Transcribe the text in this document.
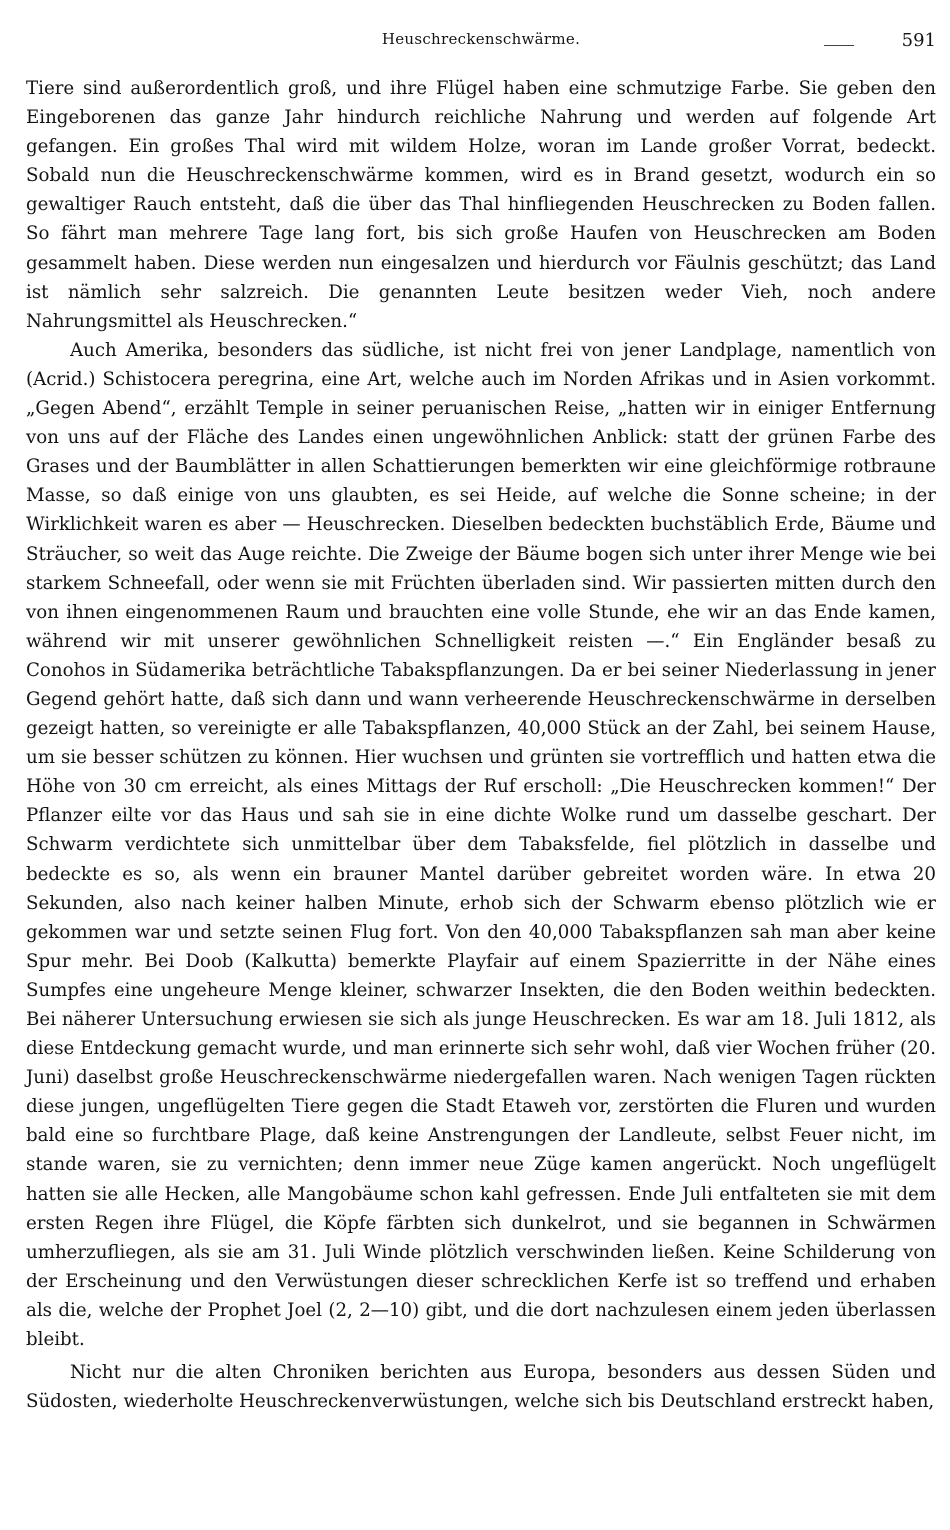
Heuschreckenschwärme.	591

Tiere sind außerordentlich groß, und ihre Flügel haben eine schmutzige Farbe. Sie geben den Eingeborenen das ganze Jahr hindurch reichliche Nahrung und werden auf folgende Art gefangen. Ein großes Thal wird mit wildem Holze, woran im Lande großer Vorrat, bedeckt. Sobald nun die Heuschreckenschwärme kommen, wird es in Brand gesetzt, wodurch ein so gewaltiger Rauch entsteht, daß die über das Thal hinfliegenden Heuschrecken zu Boden fallen. So fährt man mehrere Tage lang fort, bis sich große Haufen von Heuschrecken am Boden gesammelt haben. Diese werden nun eingesalzen und hierdurch vor Fäulnis geschützt; das Land ist nämlich sehr salzreich. Die genannten Leute besitzen weder Vieh, noch andere Nahrungsmittel als Heuschrecken.“

Auch Amerika, besonders das südliche, ist nicht frei von jener Landplage, namentlich von (Acrid.) Schistocera peregrina, eine Art, welche auch im Norden Afrikas und in Asien vorkommt. „Gegen Abend“, erzählt Temple in seiner peruanischen Reise, „hatten wir in einiger Entfernung von uns auf der Fläche des Landes einen ungewöhnlichen Anblick: statt der grünen Farbe des Grases und der Baumblätter in allen Schattierungen bemerkten wir eine gleichförmige rotbraune Masse, so daß einige von uns glaubten, es sei Heide, auf welche die Sonne scheine; in der Wirklichkeit waren es aber — Heuschrecken. Dieselben bedeckten buchstäblich Erde, Bäume und Sträucher, so weit das Auge reichte. Die Zweige der Bäume bogen sich unter ihrer Menge wie bei starkem Schneefall, oder wenn sie mit Früchten überladen sind. Wir passierten mitten durch den von ihnen eingenommenen Raum und brauchten eine volle Stunde, ehe wir an das Ende kamen, während wir mit unserer gewöhnlichen Schnelligkeit reisten —.“ Ein Engländer besaß zu Conohos in Südamerika beträchtliche Tabakspflanzungen. Da er bei seiner Niederlassung in jener Gegend gehört hatte, daß sich dann und wann verheerende Heuschreckenschwärme in derselben gezeigt hatten, so vereinigte er alle Tabakspflanzen, 40,000 Stück an der Zahl, bei seinem Hause, um sie besser schützen zu können. Hier wuchsen und grünten sie vortrefflich und hatten etwa die Höhe von 30 cm erreicht, als eines Mittags der Ruf erscholl: „Die Heuschrecken kommen!“ Der Pflanzer eilte vor das Haus und sah sie in eine dichte Wolke rund um dasselbe geschart. Der Schwarm verdichtete sich unmittelbar über dem Tabaksfelde, fiel plötzlich in dasselbe und bedeckte es so, als wenn ein brauner Mantel darüber gebreitet worden wäre. In etwa 20 Sekunden, also nach keiner halben Minute, erhob sich der Schwarm ebenso plötzlich wie er gekommen war und setzte seinen Flug fort. Von den 40,000 Tabakspflanzen sah man aber keine Spur mehr. Bei Doob (Kalkutta) bemerkte Playfair auf einem Spazierritte in der Nähe eines Sumpfes eine ungeheure Menge kleiner, schwarzer Insekten, die den Boden weithin bedeckten. Bei näherer Untersuchung erwiesen sie sich als junge Heuschrecken. Es war am 18. Juli 1812, als diese Entdeckung gemacht wurde, und man erinnerte sich sehr wohl, daß vier Wochen früher (20. Juni) daselbst große Heuschreckenschwärme niedergefallen waren. Nach wenigen Tagen rückten diese jungen, ungeflügelten Tiere gegen die Stadt Etaweh vor, zerstörten die Fluren und wurden bald eine so furchtbare Plage, daß keine Anstrengungen der Landleute, selbst Feuer nicht, im stande waren, sie zu vernichten; denn immer neue Züge kamen angerückt. Noch ungeflügelt hatten sie alle Hecken, alle Mangobäume schon kahl gefressen. Ende Juli entfalteten sie mit dem ersten Regen ihre Flügel, die Köpfe färbten sich dunkelrot, und sie begannen in Schwärmen umherzufliegen, als sie am 31. Juli Winde plötzlich verschwinden ließen. Keine Schilderung von der Erscheinung und den Verwüstungen dieser schrecklichen Kerfe ist so treffend und erhaben als die, welche der Prophet Joel (2, 2—10) gibt, und die dort nachzulesen einem jeden überlassen bleibt.

Nicht nur die alten Chroniken berichten aus Europa, besonders aus dessen Süden und Südosten, wiederholte Heuschreckenverwüstungen, welche sich bis Deutschland erstreckt haben,
